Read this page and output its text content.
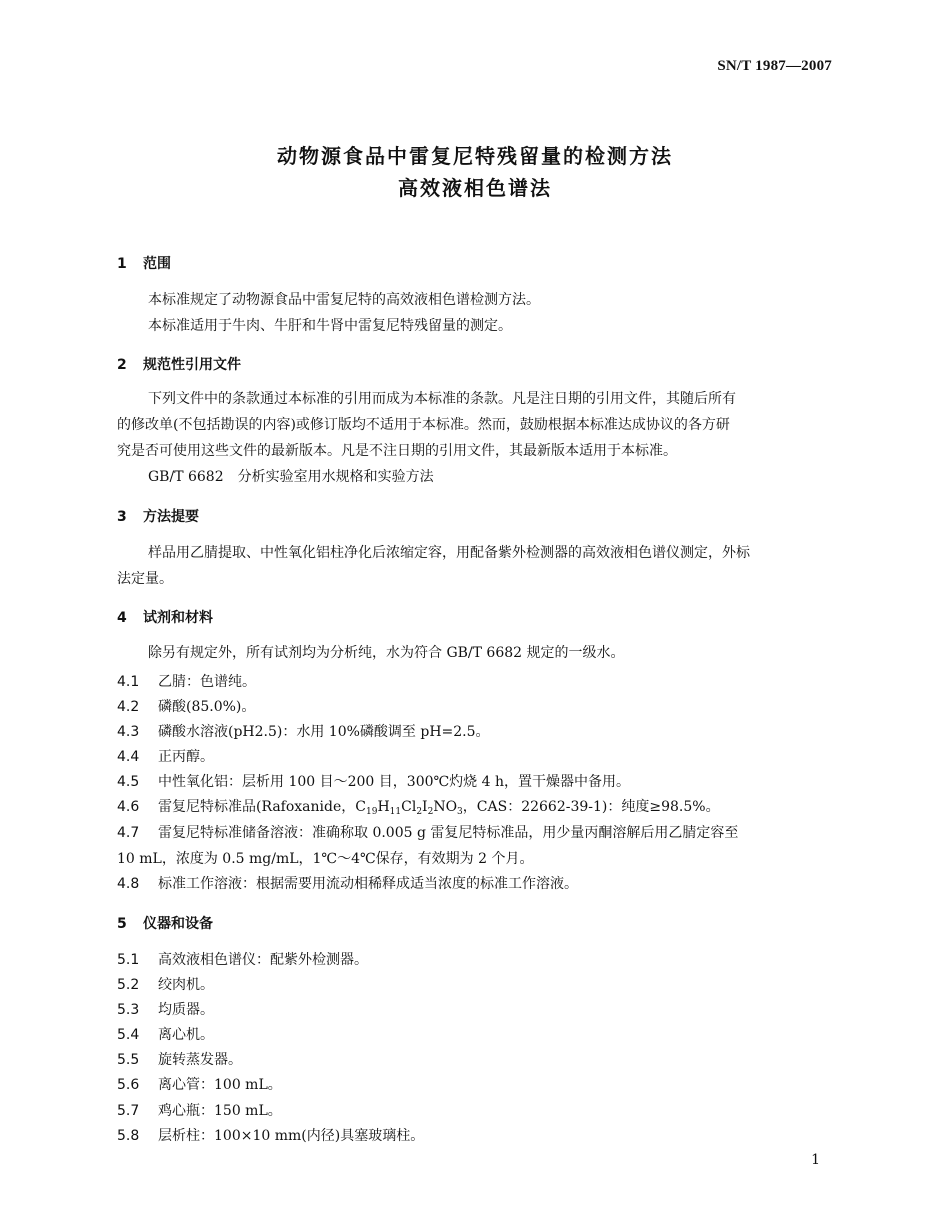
SN/T 1987—2007
动物源食品中雷复尼特残留量的检测方法
高效液相色谱法
1 范围
本标准规定了动物源食品中雷复尼特的高效液相色谱检测方法。
本标准适用于牛肉、牛肝和牛肾中雷复尼特残留量的测定。
2 规范性引用文件
下列文件中的条款通过本标准的引用而成为本标准的条款。凡是注日期的引用文件，其随后所有
的修改单(不包括勘误的内容)或修订版均不适用于本标准。然而，鼓励根据本标准达成协议的各方研
究是否可使用这些文件的最新版本。凡是不注日期的引用文件，其最新版本适用于本标准。
GB/T 6682　分析实验室用水规格和实验方法
3 方法提要
样品用乙腈提取、中性氧化铝柱净化后浓缩定容，用配备紫外检测器的高效液相色谱仪测定，外标
法定量。
4 试剂和材料
除另有规定外，所有试剂均为分析纯，水为符合 GB/T 6682 规定的一级水。
4.1 乙腈：色谱纯。
4.2 磷酸(85.0%)。
4.3 磷酸水溶液(pH2.5)：水用 10%磷酸调至 pH=2.5。
4.4 正丙醇。
4.5 中性氧化铝：层析用 100 目～200 目，300℃灼烧 4 h，置干燥器中备用。
4.6 雷复尼特标准品(Rafoxanide，$C_{19}H_{11}Cl_2I_2NO_3$，CAS：22662-39-1)：纯度≥98.5%。
4.7 雷复尼特标准储备溶液：准确称取 0.005 g 雷复尼特标准品，用少量丙酮溶解后用乙腈定容至
10 mL，浓度为 0.5 mg/mL，1℃～4℃保存，有效期为 2 个月。
4.8 标准工作溶液：根据需要用流动相稀释成适当浓度的标准工作溶液。
5 仪器和设备
5.1 高效液相色谱仪：配紫外检测器。
5.2 绞肉机。
5.3 均质器。
5.4 离心机。
5.5 旋转蒸发器。
5.6 离心管：100 mL。
5.7 鸡心瓶：150 mL。
5.8 层析柱：100×10 mm(内径)具塞玻璃柱。
1
